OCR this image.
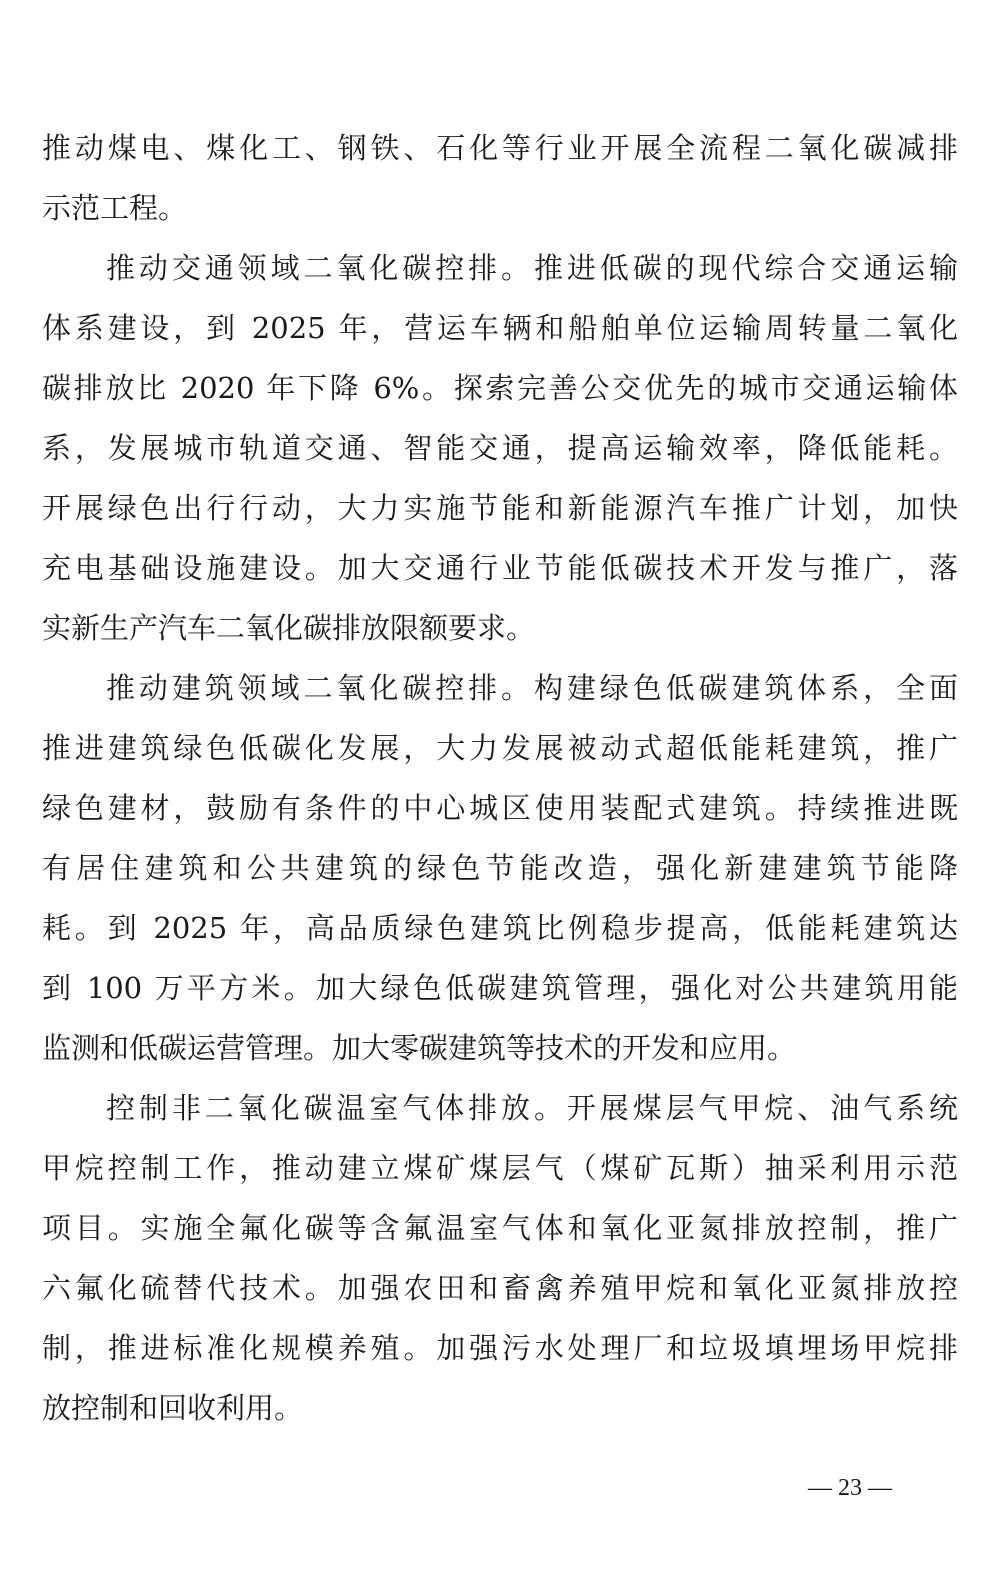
推动煤电、煤化工、钢铁、石化等行业开展全流程二氧化碳减排
示范工程。
推动交通领域二氧化碳控排。推进低碳的现代综合交通运输
体系建设，到 2025 年，营运车辆和船舶单位运输周转量二氧化
碳排放比 2020 年下降 6%。探索完善公交优先的城市交通运输体
系，发展城市轨道交通、智能交通，提高运输效率，降低能耗。
开展绿色出行行动，大力实施节能和新能源汽车推广计划，加快
充电基础设施建设。加大交通行业节能低碳技术开发与推广，落
实新生产汽车二氧化碳排放限额要求。
推动建筑领域二氧化碳控排。构建绿色低碳建筑体系，全面
推进建筑绿色低碳化发展，大力发展被动式超低能耗建筑，推广
绿色建材，鼓励有条件的中心城区使用装配式建筑。持续推进既
有居住建筑和公共建筑的绿色节能改造，强化新建建筑节能降
耗。到 2025 年，高品质绿色建筑比例稳步提高，低能耗建筑达
到 100 万平方米。加大绿色低碳建筑管理，强化对公共建筑用能
监测和低碳运营管理。加大零碳建筑等技术的开发和应用。
控制非二氧化碳温室气体排放。开展煤层气甲烷、油气系统
甲烷控制工作，推动建立煤矿煤层气（煤矿瓦斯）抽采利用示范
项目。实施全氟化碳等含氟温室气体和氧化亚氮排放控制，推广
六氟化硫替代技术。加强农田和畜禽养殖甲烷和氧化亚氮排放控
制，推进标准化规模养殖。加强污水处理厂和垃圾填埋场甲烷排
放控制和回收利用。
— 23 —
